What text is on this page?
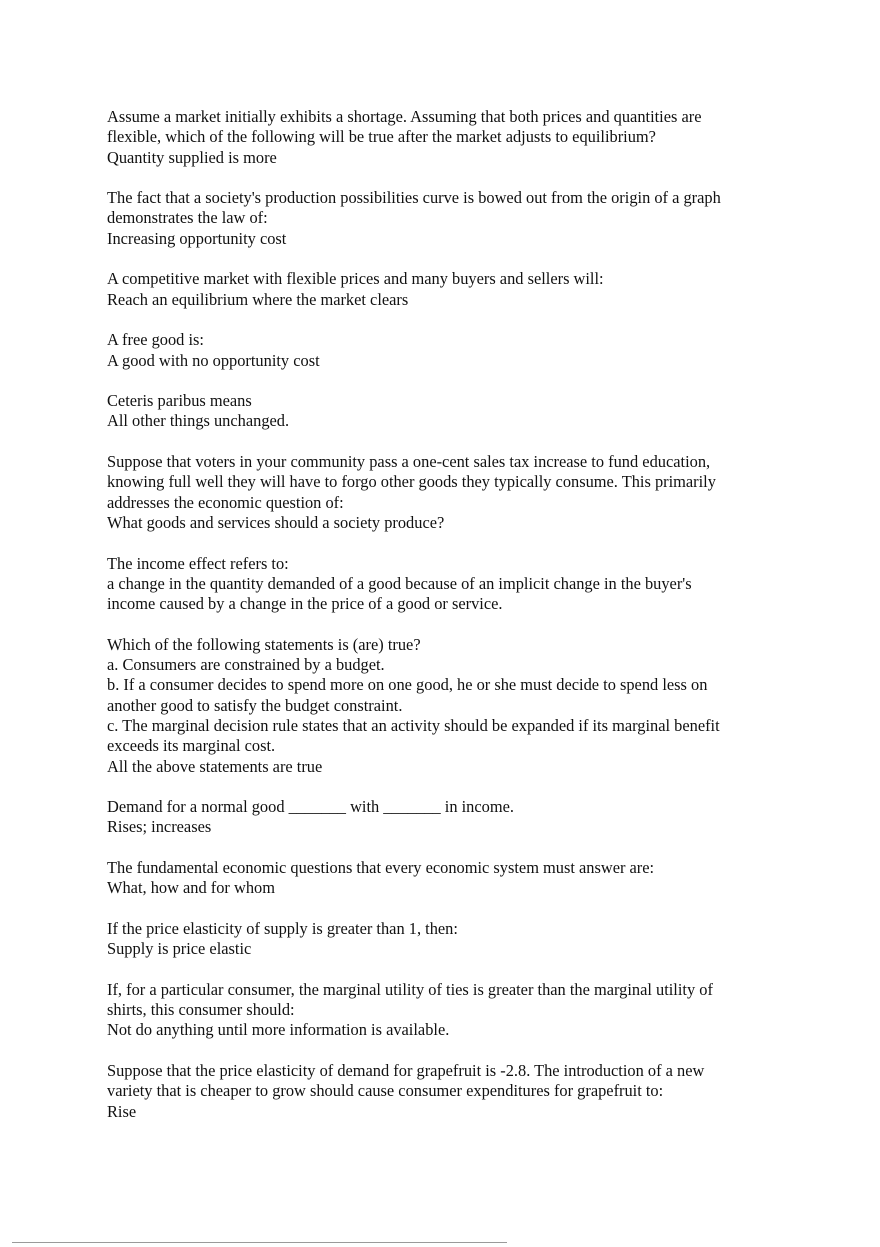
Assume a market initially exhibits a shortage. Assuming that both prices and quantities are
flexible, which of the following will be true after the market adjusts to equilibrium?
Quantity supplied is more
The fact that a society's production possibilities curve is bowed out from the origin of a graph
demonstrates the law of:
Increasing opportunity cost
A competitive market with flexible prices and many buyers and sellers will:
Reach an equilibrium where the market clears
A free good is:
A good with no opportunity cost
Ceteris paribus means
All other things unchanged.
Suppose that voters in your community pass a one-cent sales tax increase to fund education,
knowing full well they will have to forgo other goods they typically consume. This primarily
addresses the economic question of:
What goods and services should a society produce?
The income effect refers to:
a change in the quantity demanded of a good because of an implicit change in the buyer's
income caused by a change in the price of a good or service.
Which of the following statements is (are) true?
a. Consumers are constrained by a budget.
b. If a consumer decides to spend more on one good, he or she must decide to spend less on
another good to satisfy the budget constraint.
c. The marginal decision rule states that an activity should be expanded if its marginal benefit
exceeds its marginal cost.
All the above statements are true
Demand for a normal good _______ with _______ in income.
Rises; increases
The fundamental economic questions that every economic system must answer are:
What, how and for whom
If the price elasticity of supply is greater than 1, then:
Supply is price elastic
If, for a particular consumer, the marginal utility of ties is greater than the marginal utility of
shirts, this consumer should:
Not do anything until more information is available.
Suppose that the price elasticity of demand for grapefruit is -2.8. The introduction of a new
variety that is cheaper to grow should cause consumer expenditures for grapefruit to:
Rise
